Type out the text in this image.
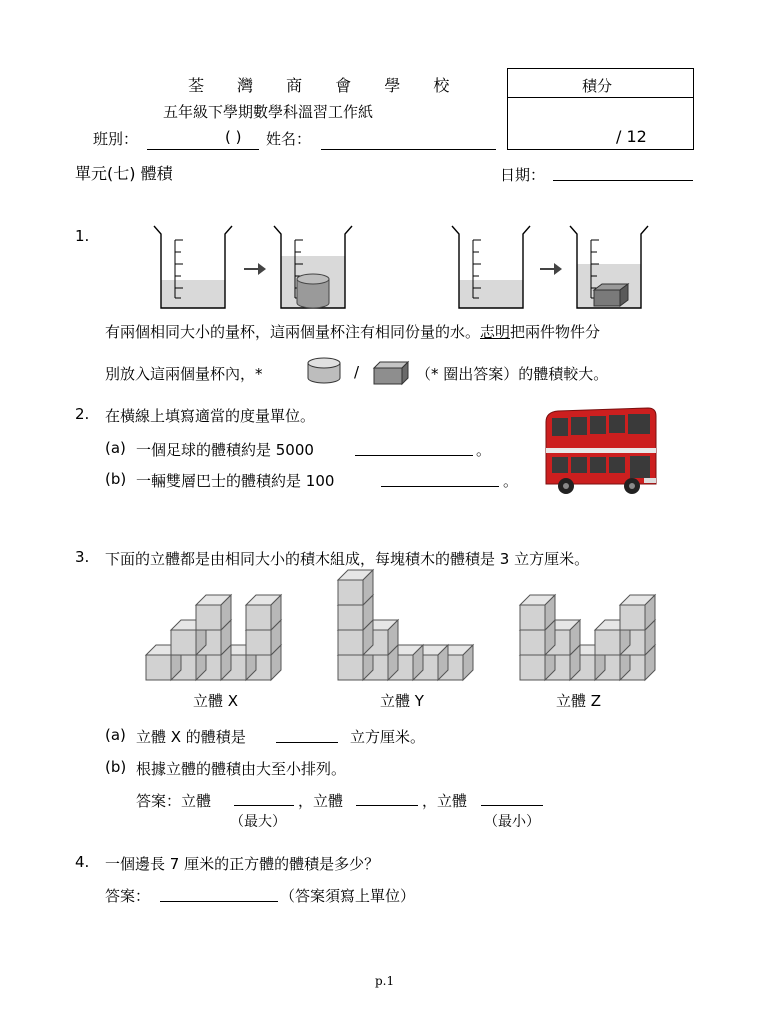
荃 灣 商 會 學 校
五年級下學期數學科溫習工作紙
班別：	( ) 姓名：
積分
/ 12
單元(七) 體積	日期：
1.
有兩個相同大小的量杯，這兩個量杯注有相同份量的水。志明把兩件物件分
別放入這兩個量杯內，*	/	（* 圈出答案）的體積較大。
2. 在橫線上填寫適當的度量單位。
(a) 一個足球的體積約是 5000	。
(b) 一輛雙層巴士的體積約是 100	。
3. 下面的立體都是由相同大小的積木組成，每塊積木的體積是 3 立方厘米。
立體 X	立體 Y	立體 Z
(a) 立體 X 的體積是	立方厘米。
(b) 根據立體的體積由大至小排列。
答案：立體	，立體	，立體
（最大）	（最小）
4. 一個邊長 7 厘米的正方體的體積是多少？
答案：	（答案須寫上單位）
p.1
